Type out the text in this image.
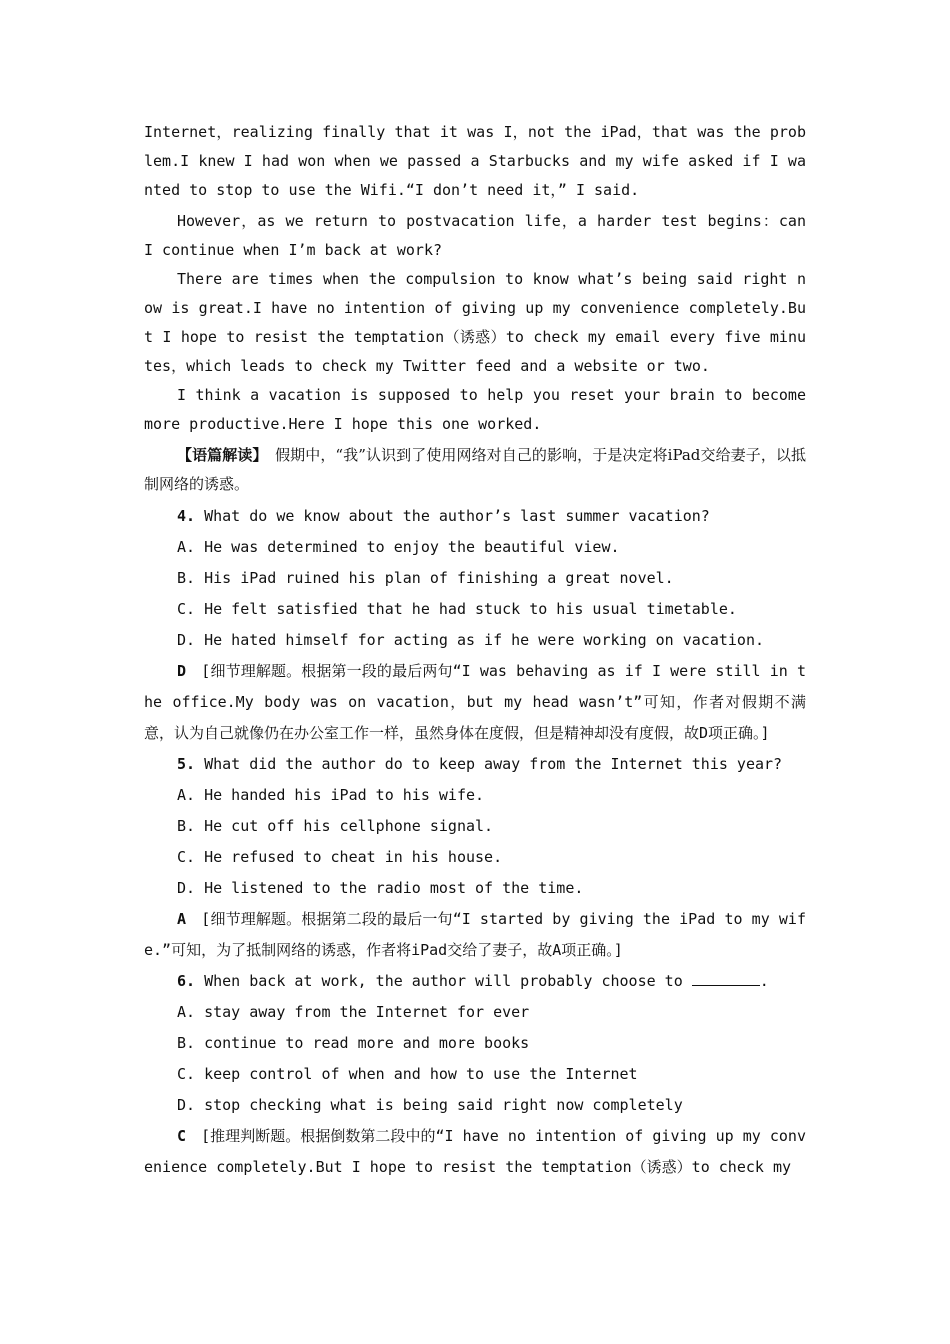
Internet，realizing finally that it was I，not the iPad，that was the problem.I knew I had won when we passed a Starbucks and my wife asked if I wanted to stop to use the Wifi.“I don’t need it，” I said.

However，as we return to postvacation life，a harder test begins：can I continue when I’m back at work?

There are times when the compulsion to know what’s being said right now is great.I have no intention of giving up my convenience completely.But I hope to resist the temptation（诱惑）to check my email every five minutes，which leads to check my Twitter feed and a website or two.

I think a vacation is supposed to help you reset your brain to become more productive.Here I hope this one worked.

【语篇解读】　假期中，“我”认识到了使用网络对自己的影响，于是决定将iPad交给妻子，以抵制网络的诱惑。

4. What do we know about the author’s last summer vacation?

A. He was determined to enjoy the beautiful view.

B. His iPad ruined his plan of finishing a great novel.

C. He felt satisfied that he had stuck to his usual timetable.

D. He hated himself for acting as if he were working on vacation.

D　[细节理解题。根据第一段的最后两句“I was behaving as if I were still in the office.My body was on vacation，but my head wasn’t”可知，作者对假期不满意，认为自己就像仍在办公室工作一样，虽然身体在度假，但是精神却没有度假，故D项正确。]

5. What did the author do to keep away from the Internet this year?

A. He handed his iPad to his wife.

B. He cut off his cellphone signal.

C. He refused to cheat in his house.

D. He listened to the radio most of the time.

A　[细节理解题。根据第二段的最后一句“I started by giving the iPad to my wife.”可知，为了抵制网络的诱惑，作者将iPad交给了妻子，故A项正确。]

6. When back at work, the author will probably choose to	.

A. stay away from the Internet for ever

B. continue to read more and more books

C. keep control of when and how to use the Internet

D. stop checking what is being said right now completely

C　[推理判断题。根据倒数第二段中的“I have no intention of giving up my convenience completely.But I hope to resist the temptation（诱惑）to check my
